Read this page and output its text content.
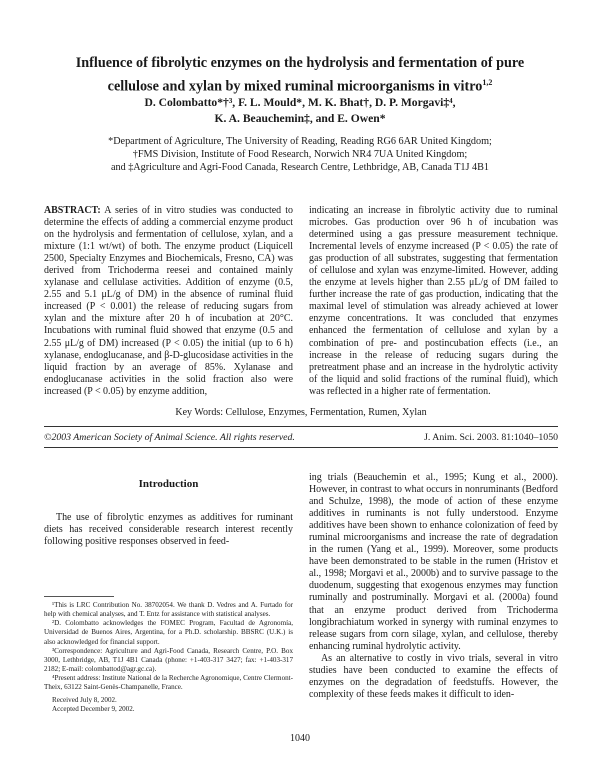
Influence of fibrolytic enzymes on the hydrolysis and fermentation of pure
cellulose and xylan by mixed ruminal microorganisms in vitro$^{1,2}$
D. Colombatto*†³, F. L. Mould*, M. K. Bhat†, D. P. Morgavi‡⁴,
K. A. Beauchemin‡, and E. Owen*
*Department of Agriculture, The University of Reading, Reading RG6 6AR United Kingdom;
†FMS Division, Institute of Food Research, Norwich NR4 7UA United Kingdom;
and ‡Agriculture and Agri-Food Canada, Research Centre, Lethbridge, AB, Canada T1J 4B1

ABSTRACT: A series of in vitro studies was conducted to determine the effects of adding a commercial enzyme product on the hydrolysis and fermentation of cellulose, xylan, and a mixture (1:1 wt/wt) of both. The enzyme product (Liquicell 2500, Specialty Enzymes and Biochemicals, Fresno, CA) was derived from Trichoderma reesei and contained mainly xylanase and cellulase activities. Addition of enzyme (0.5, 2.55 and 5.1 μL/g of DM) in the absence of ruminal fluid increased (P < 0.001) the release of reducing sugars from xylan and the mixture after 20 h of incubation at 20°C. Incubations with ruminal fluid showed that enzyme (0.5 and 2.55 μL/g of DM) increased (P < 0.05) the initial (up to 6 h) xylanase, endoglucanase, and β-D-glucosidase activities in the liquid fraction by an average of 85%. Xylanase and endoglucanase activities in the solid fraction also were increased (P < 0.05) by enzyme addition,

indicating an increase in fibrolytic activity due to ruminal microbes. Gas production over 96 h of incubation was determined using a gas pressure measurement technique. Incremental levels of enzyme increased (P < 0.05) the rate of gas production of all substrates, suggesting that fermentation of cellulose and xylan was enzyme-limited. However, adding the enzyme at levels higher than 2.55 μL/g of DM failed to further increase the rate of gas production, indicating that the maximal level of stimulation was already achieved at lower enzyme concentrations. It was concluded that enzymes enhanced the fermentation of cellulose and xylan by a combination of pre- and postincubation effects (i.e., an increase in the release of reducing sugars during the pretreatment phase and an increase in the hydrolytic activity of the liquid and solid fractions of the ruminal fluid), which was reflected in a higher rate of fermentation.

Key Words: Cellulose, Enzymes, Fermentation, Rumen, Xylan
©2003 American Society of Animal Science. All rights reserved.	J. Anim. Sci. 2003. 81:1040–1050
Introduction

The use of fibrolytic enzymes as additives for ruminant diets has received considerable research interest recently following positive responses observed in feed-

¹This is LRC Contribution No. 38702054. We thank D. Vedres and A. Furtado for help with chemical analyses, and T. Entz for assistance with statistical analyses.

²D. Colombatto acknowledges the FOMEC Program, Facultad de Agronomía, Universidad de Buenos Aires, Argentina, for a Ph.D. scholarship. BBSRC (U.K.) is also acknowledged for financial support.

³Correspondence: Agriculture and Agri-Food Canada, Research Centre, P.O. Box 3000, Lethbridge, AB, T1J 4B1 Canada (phone: +1-403-317 3427; fax: +1-403-317 2182; E-mail: colombattod@agr.gc.ca).

⁴Present address: Institute National de la Recherche Agronomique, Centre Clermont-Theix, 63122 Saint-Genès-Champanelle, France.

Received July 8, 2002.
Accepted December 9, 2002.

ing trials (Beauchemin et al., 1995; Kung et al., 2000). However, in contrast to what occurs in nonruminants (Bedford and Schulze, 1998), the mode of action of these enzyme additives in ruminants is not fully understood. Enzyme additives have been shown to enhance colonization of feed by ruminal microorganisms and increase the rate of degradation in the rumen (Yang et al., 1999). Moreover, some products have been demonstrated to be stable in the rumen (Hristov et al., 1998; Morgavi et al., 2000b) and to survive passage to the duodenum, suggesting that exogenous enzymes may function ruminally and postruminally. Morgavi et al. (2000a) found that an enzyme product derived from Trichoderma longibrachiatum worked in synergy with ruminal enzymes to release sugars from corn silage, xylan, and cellulose, thereby enhancing ruminal hydrolytic activity.

As an alternative to costly in vivo trials, several in vitro studies have been conducted to examine the effects of enzymes on the degradation of feedstuffs. However, the complexity of these feeds makes it difficult to iden-

1040
